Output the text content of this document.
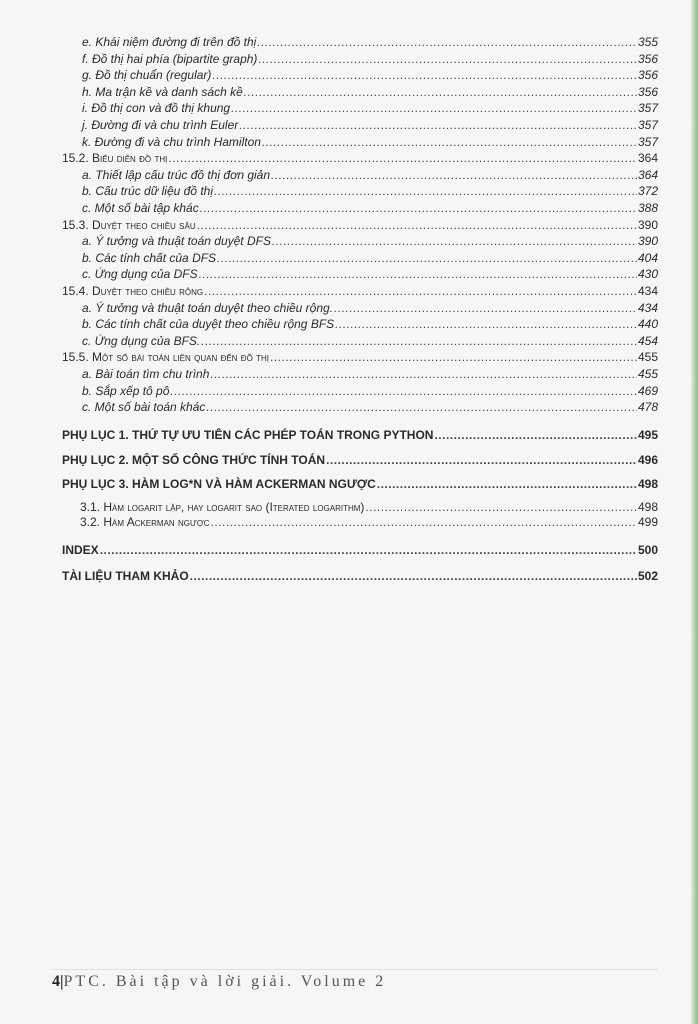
e. Khái niệm đường đi trên đồ thị .....	355
f. Đồ thị hai phía (bipartite graph) .....	356
g. Đồ thị chuẩn (regular) .....	356
h. Ma trận kề và danh sách kề .....	356
i. Đồ thị con và đồ thị khung .....	357
j. Đường đi và chu trình Euler .....	357
k. Đường đi và chu trình Hamilton .....	357
15.2. Biểu diễn đồ thị .....	364
a. Thiết lập cấu trúc đồ thị đơn giản .....	364
b. Cấu trúc dữ liệu đồ thị .....	372
c. Một số bài tập khác .....	388
15.3. Duyệt theo chiều sâu .....	390
a. Ý tưởng và thuật toán duyệt DFS .....	390
b. Các tính chất của DFS .....	404
c. Ứng dụng của DFS .....	430
15.4. Duyệt theo chiều rộng .....	434
a. Ý tưởng và thuật toán duyệt theo chiều rộng. .....	434
b. Các tính chất của duyệt theo chiều rộng BFS .....	440
c. Ứng dụng của BFS. .....	454
15.5. Một số bài toán liên quan đến đồ thị .....	455
a. Bài toán tìm chu trình .....	455
b. Sắp xếp tô pô .....	469
c. Một số bài toán khác .....	478
PHỤ LỤC 1. THỨ TỰ ƯU TIÊN CÁC PHÉP TOÁN TRONG PYTHON .....	495
PHỤ LỤC 2. MỘT SỐ CÔNG THỨC TÍNH TOÁN .....	496
PHỤ LỤC 3. HÀM LOG*N VÀ HÀM ACKERMAN NGƯỢC .....	498
3.1. Hàm logarit lặp, hay logarit sao (Iterated logarithm) .....	498
3.2. Hàm Ackerman ngược .....	499
INDEX .....	500
TÀI LIỆU THAM KHẢO .....	502
4|PTC. Bài tập và lời giải. Volume 2
